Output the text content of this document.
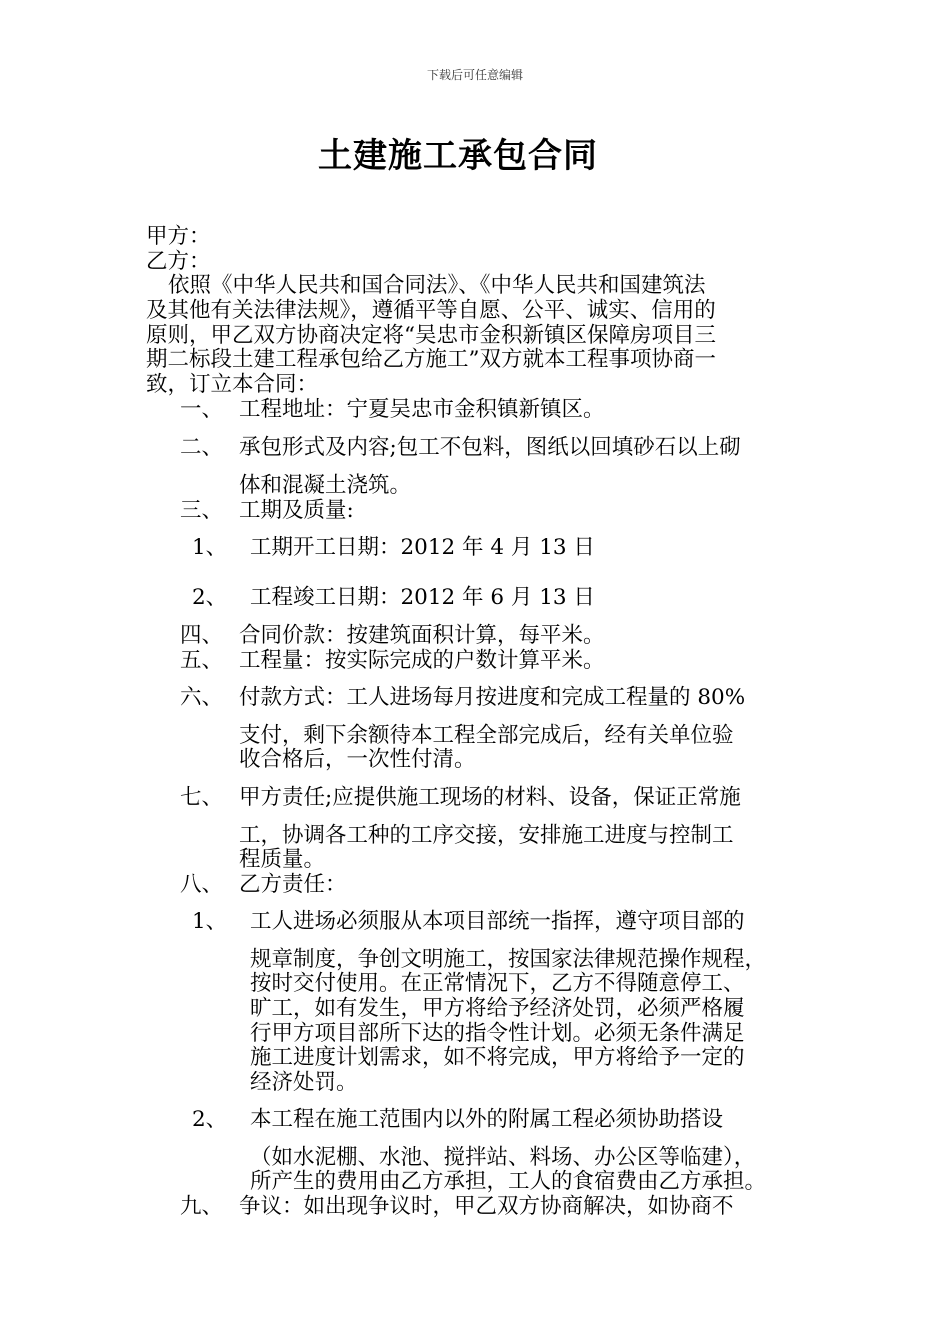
下载后可任意编辑
土建施工承包合同
甲方：
乙方：
依照《中华人民共和国合同法》、《中华人民共和国建筑法
及其他有关法律法规》，遵循平等自愿、公平、诚实、信用的
原则，甲乙双方协商决定将“吴忠市金积新镇区保障房项目三
期二标段土建工程承包给乙方施工”双方就本工程事项协商一
致，订立本合同：
一、 工程地址：宁夏吴忠市金积镇新镇区。
二、 承包形式及内容;包工不包料，图纸以回填砂石以上砌
体和混凝土浇筑。
三、 工期及质量:
1、 工期开工日期：2012 年 4 月 13 日
2、 工程竣工日期：2012 年 6 月 13 日
四、 合同价款：按建筑面积计算，每平米。
五、 工程量：按实际完成的户数计算平米。
六、 付款方式：工人进场每月按进度和完成工程量的 80%
支付，剩下余额待本工程全部完成后，经有关单位验
收合格后，一次性付清。
七、 甲方责任;应提供施工现场的材料、设备，保证正常施
工，协调各工种的工序交接，安排施工进度与控制工
程质量。
八、 乙方责任：
1、 工人进场必须服从本项目部统一指挥，遵守项目部的
规章制度，争创文明施工，按国家法律规范操作规程，
按时交付使用。在正常情况下，乙方不得随意停工、
旷工，如有发生，甲方将给予经济处罚，必须严格履
行甲方项目部所下达的指令性计划。必须无条件满足
施工进度计划需求，如不将完成，甲方将给予一定的
经济处罚。
2、 本工程在施工范围内以外的附属工程必须协助搭设
（如水泥棚、水池、搅拌站、料场、办公区等临建），
所产生的费用由乙方承担，工人的食宿费由乙方承担。
九、 争议：如出现争议时，甲乙双方协商解决，如协商不
